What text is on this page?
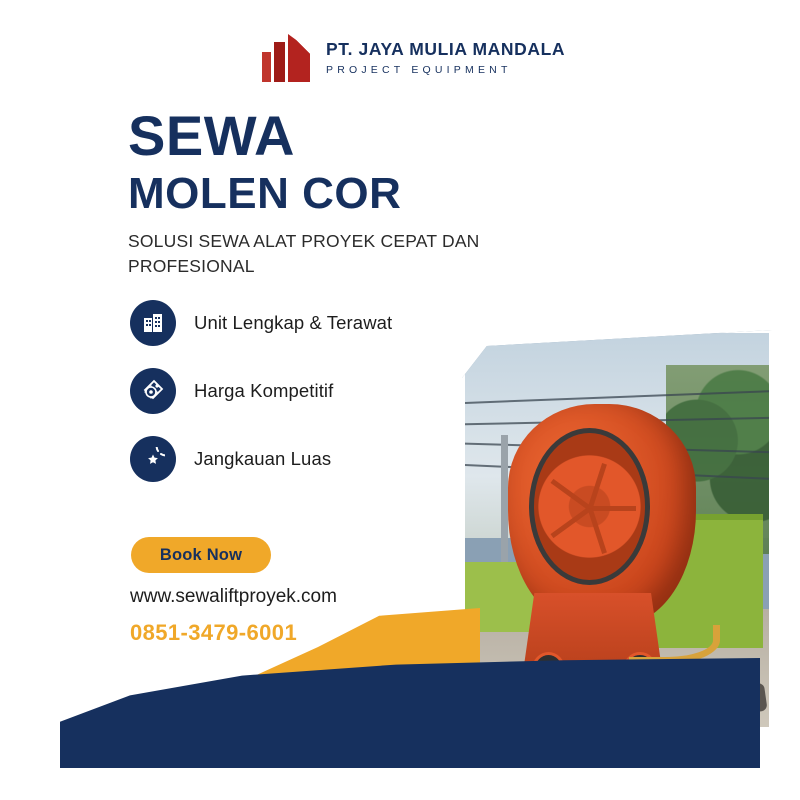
PT. JAYA MULIA MANDALA
PROJECT EQUIPMENT
SEWA
MOLEN COR
SOLUSI SEWA ALAT PROYEK CEPAT DAN PROFESIONAL
Unit Lengkap & Terawat
Harga Kompetitif
Jangkauan Luas
Book Now
www.sewaliftproyek.com
0851-3479-6001
